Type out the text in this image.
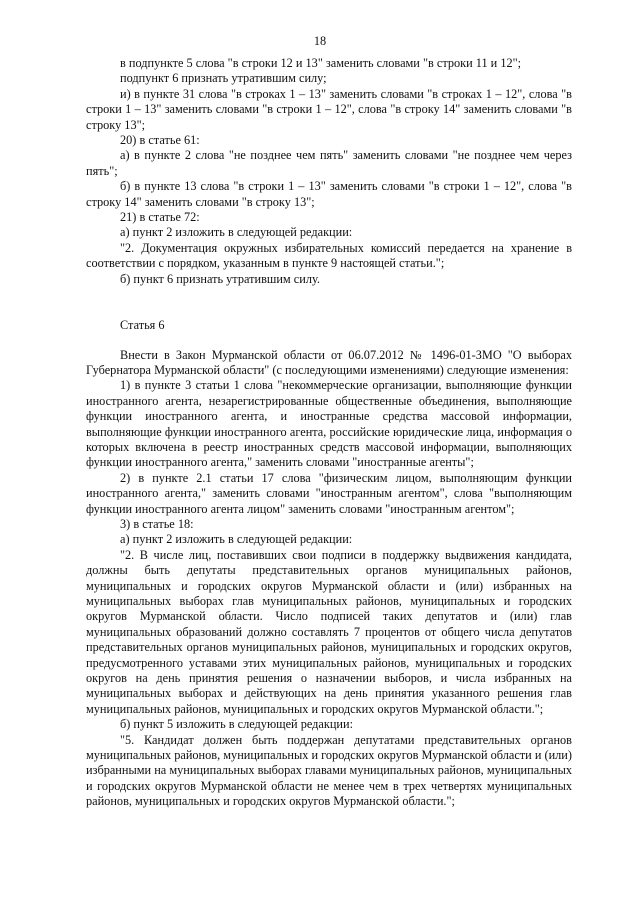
18

в подпункте 5 слова "в строки 12 и 13" заменить словами "в строки 11 и 12";

подпункт 6 признать утратившим силу;

и) в пункте 31 слова "в строках 1 – 13" заменить словами "в строках 1 – 12", слова "в строки 1 – 13" заменить словами "в строки 1 – 12", слова "в строку 14" заменить словами "в строку 13";

20) в статье 61:

а) в пункте 2 слова "не позднее чем пять" заменить словами "не позднее чем через пять";

б) в пункте 13 слова "в строки 1 – 13" заменить словами "в строки 1 – 12", слова "в строку 14" заменить словами "в строку 13";

21) в статье 72:

а) пункт 2 изложить в следующей редакции:

"2. Документация окружных избирательных комиссий передается на хранение в соответствии с порядком, указанным в пункте 9 настоящей статьи.";

б) пункт 6 признать утратившим силу.

Статья 6

Внести в Закон Мурманской области от 06.07.2012 № 1496-01-ЗМО "О выборах Губернатора Мурманской области" (с последующими изменениями) следующие изменения:

1) в пункте 3 статьи 1 слова "некоммерческие организации, выполняющие функции иностранного агента, незарегистрированные общественные объединения, выполняющие функции иностранного агента, и иностранные средства массовой информации, выполняющие функции иностранного агента, российские юридические лица, информация о которых включена в реестр иностранных средств массовой информации, выполняющих функции иностранного агента," заменить словами "иностранные агенты";

2) в пункте 2.1 статьи 17 слова "физическим лицом, выполняющим функции иностранного агента," заменить словами "иностранным агентом", слова "выполняющим функции иностранного агента лицом" заменить словами "иностранным агентом";

3) в статье 18:

а) пункт 2 изложить в следующей редакции:

"2. В числе лиц, поставивших свои подписи в поддержку выдвижения кандидата, должны быть депутаты представительных органов муниципальных районов, муниципальных и городских округов Мурманской области и (или) избранных на муниципальных выборах глав муниципальных районов, муниципальных и городских округов Мурманской области. Число подписей таких депутатов и (или) глав муниципальных образований должно составлять 7 процентов от общего числа депутатов представительных органов муниципальных районов, муниципальных и городских округов, предусмотренного уставами этих муниципальных районов, муниципальных и городских округов на день принятия решения о назначении выборов, и числа избранных на муниципальных выборах и действующих на день принятия указанного решения глав муниципальных районов, муниципальных и городских округов Мурманской области.";

б) пункт 5 изложить в следующей редакции:

"5. Кандидат должен быть поддержан депутатами представительных органов муниципальных районов, муниципальных и городских округов Мурманской области и (или) избранными на муниципальных выборах главами муниципальных районов, муниципальных и городских округов Мурманской области не менее чем в трех четвертях муниципальных районов, муниципальных и городских округов Мурманской области.";
